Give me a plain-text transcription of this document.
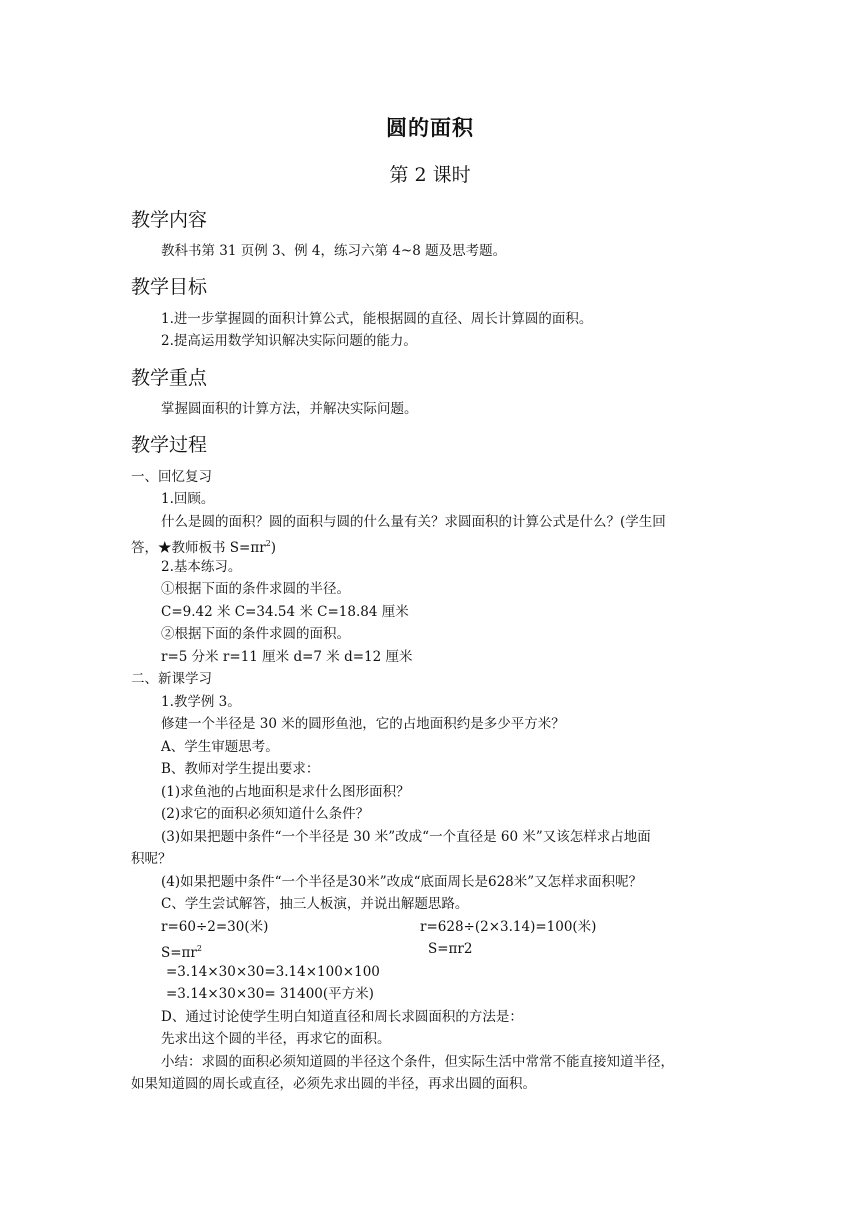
圆的面积
第 2 课时
教学内容

教科书第 31 页例 3、例 4，练习六第 4~8 题及思考题。

教学目标

1.进一步掌握圆的面积计算公式，能根据圆的直径、周长计算圆的面积。

2.提高运用数学知识解决实际问题的能力。

教学重点

掌握圆面积的计算方法，并解决实际问题。

教学过程

一、回忆复习

1.回顾。

什么是圆的面积？圆的面积与圆的什么量有关？求圆面积的计算公式是什么？(学生回

答，★教师板书 $S=\pi r^2$)

2.基本练习。

①根据下面的条件求圆的半径。

C=9.42 米 C=34.54 米 C=18.84 厘米

②根据下面的条件求圆的面积。

r=5 分米 r=11 厘米 d=7 米 d=12 厘米

二、新课学习

1.教学例 3。

修建一个半径是 30 米的圆形鱼池，它的占地面积约是多少平方米？

A、学生审题思考。

B、教师对学生提出要求：

(1)求鱼池的占地面积是求什么图形面积？

(2)求它的面积必须知道什么条件？

(3)如果把题中条件“一个半径是 30 米”改成“一个直径是 60 米”又该怎样求占地面

积呢？

(4)如果把题中条件“一个半径是30米”改成“底面周长是628米”又怎样求面积呢？

C、学生尝试解答，抽三人板演，并说出解题思路。

r=60÷2=30(米)	r=628÷(2×3.14)=100(米)

$S=\pi r^2$	S=πr2

=3.14×30×30=3.14×100×100

=3.14×30×30= 31400(平方米)

D、通过讨论使学生明白知道直径和周长求圆面积的方法是：

先求出这个圆的半径，再求它的面积。

小结：求圆的面积必须知道圆的半径这个条件，但实际生活中常常不能直接知道半径，

如果知道圆的周长或直径，必须先求出圆的半径，再求出圆的面积。
